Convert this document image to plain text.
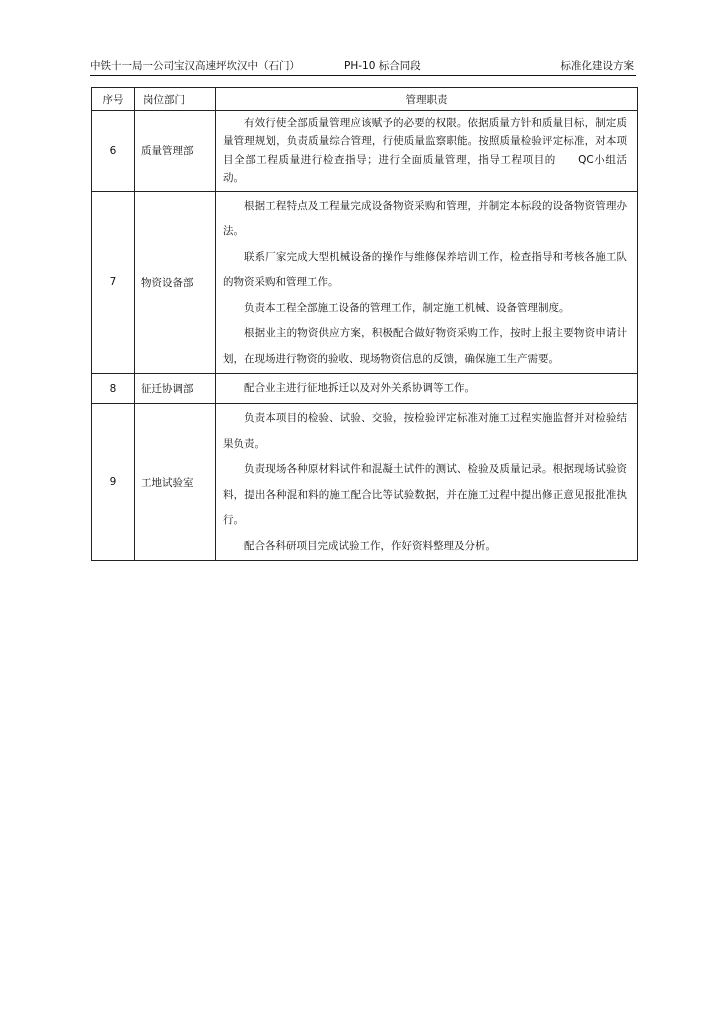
中铁十一局一公司宝汉高速坪坎汉中（石门）	PH-10 标合同段	标准化建设方案
序号	岗位部门	管理职责
6	质量管理部	有效行使全部质量管理应该赋予的必要的权限。依据质量方针和质量目标，制定质量管理规划，负责质量综合管理，行使质量监察职能。按照质量检验评定标准，对本项目全部工程质量进行检查指导；进行全面质量管理，指导工程项目的　　QC小组活动。

7	物资设备部	根据工程特点及工程量完成设备物资采购和管理，并制定本标段的设备物资管理办法。

联系厂家完成大型机械设备的操作与维修保养培训工作，检查指导和考核各施工队的物资采购和管理工作。

负责本工程全部施工设备的管理工作，制定施工机械、设备管理制度。

根据业主的物资供应方案，积极配合做好物资采购工作，按时上报主要物资申请计划，在现场进行物资的验收、现场物资信息的反馈，确保施工生产需要。

8	征迁协调部	配合业主进行征地拆迁以及对外关系协调等工作。

9	工地试验室	负责本项目的检验、试验、交验，按检验评定标准对施工过程实施监督并对检验结果负责。

负责现场各种原材料试件和混凝土试件的测试、检验及质量记录。根据现场试验资料，提出各种混和料的施工配合比等试验数据，并在施工过程中提出修正意见报批准执行。

配合各科研项目完成试验工作，作好资料整理及分析。
